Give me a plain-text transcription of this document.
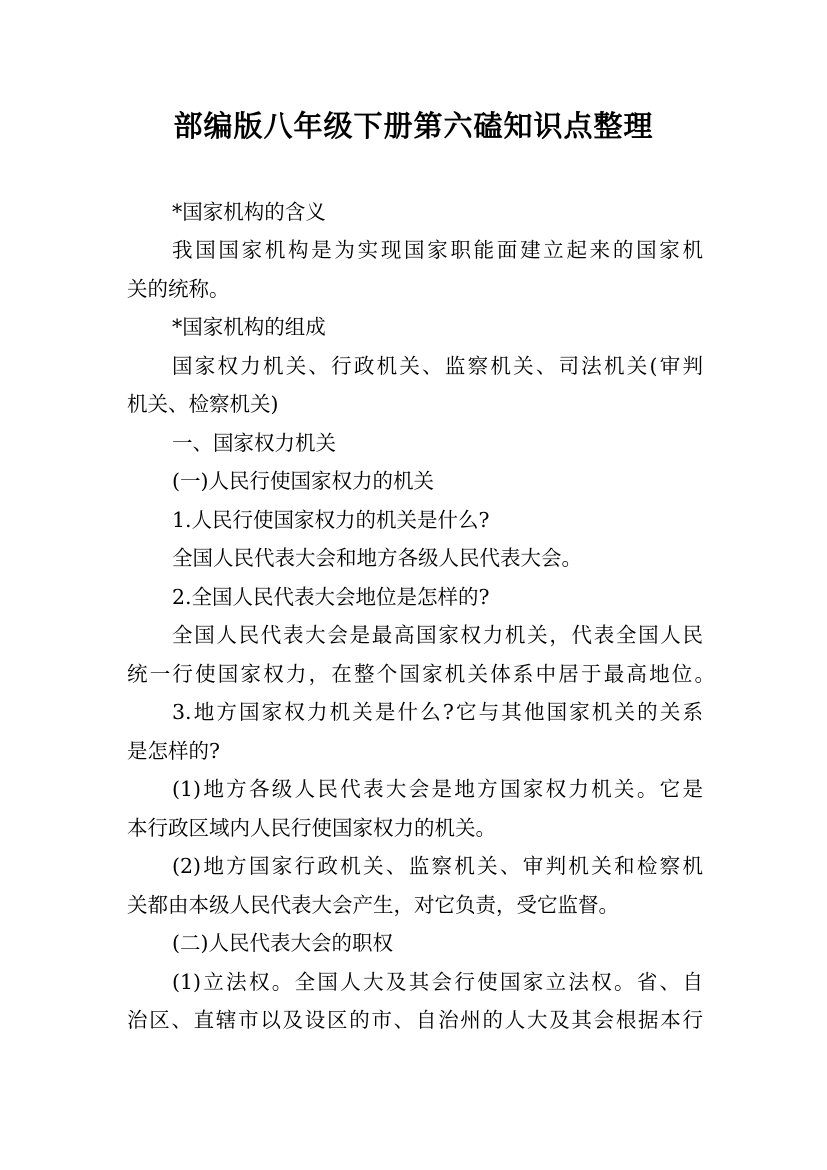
部编版八年级下册第六磕知识点整理
*国家机构的含义
我国国家机构是为实现国家职能面建立起来的国家机
关的统称。
*国家机构的组成
国家权力机关、行政机关、监察机关、司法机关(审判
机关、检察机关)
一、国家权力机关
(一)人民行使国家权力的机关
1.人民行使国家权力的机关是什么?
全国人民代表大会和地方各级人民代表大会。
2.全国人民代表大会地位是怎样的?
全国人民代表大会是最高国家权力机关，代表全国人民
统一行使国家权力，在整个国家机关体系中居于最高地位。
3.地方国家权力机关是什么?它与其他国家机关的关系
是怎样的?
(1)地方各级人民代表大会是地方国家权力机关。它是
本行政区域内人民行使国家权力的机关。
(2)地方国家行政机关、监察机关、审判机关和检察机
关都由本级人民代表大会产生，对它负责，受它监督。
(二)人民代表大会的职权
(1)立法权。全国人大及其会行使国家立法权。省、自
治区、直辖市以及设区的市、自治州的人大及其会根据本行
